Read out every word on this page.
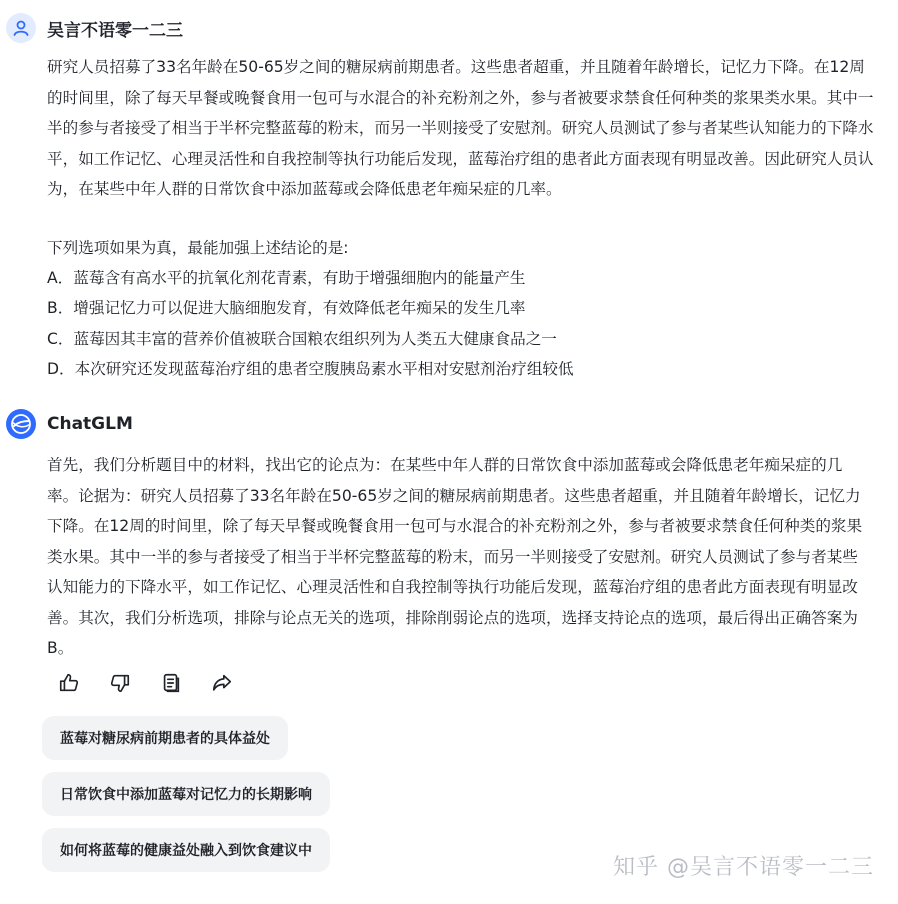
吴言不语零一二三

研究人员招募了33名年龄在50-65岁之间的糖尿病前期患者。这些患者超重，并且随着年龄增长，记忆力下降。在12周的时间里，除了每天早餐或晚餐食用一包可与水混合的补充粉剂之外，参与者被要求禁食任何种类的浆果类水果。其中一半的参与者接受了相当于半杯完整蓝莓的粉末，而另一半则接受了安慰剂。研究人员测试了参与者某些认知能力的下降水平，如工作记忆、心理灵活性和自我控制等执行功能后发现，蓝莓治疗组的患者此方面表现有明显改善。因此研究人员认为，在某些中年人群的日常饮食中添加蓝莓或会降低患老年痴呆症的几率。

下列选项如果为真，最能加强上述结论的是:

A．蓝莓含有高水平的抗氧化剂花青素，有助于增强细胞内的能量产生

B．增强记忆力可以促进大脑细胞发育，有效降低老年痴呆的发生几率

C．蓝莓因其丰富的营养价值被联合国粮农组织列为人类五大健康食品之一

D．本次研究还发现蓝莓治疗组的患者空腹胰岛素水平相对安慰剂治疗组较低

ChatGLM

首先，我们分析题目中的材料，找出它的论点为：在某些中年人群的日常饮食中添加蓝莓或会降低患老年痴呆症的几率。论据为：研究人员招募了33名年龄在50-65岁之间的糖尿病前期患者。这些患者超重，并且随着年龄增长，记忆力下降。在12周的时间里，除了每天早餐或晚餐食用一包可与水混合的补充粉剂之外，参与者被要求禁食任何种类的浆果类水果。其中一半的参与者接受了相当于半杯完整蓝莓的粉末，而另一半则接受了安慰剂。研究人员测试了参与者某些认知能力的下降水平，如工作记忆、心理灵活性和自我控制等执行功能后发现，蓝莓治疗组的患者此方面表现有明显改善。其次，我们分析选项，排除与论点无关的选项，排除削弱论点的选项，选择支持论点的选项，最后得出正确答案为B。

蓝莓对糖尿病前期患者的具体益处
日常饮食中添加蓝莓对记忆力的长期影响
如何将蓝莓的健康益处融入到饮食建议中
知乎 @吴言不语零一二三
